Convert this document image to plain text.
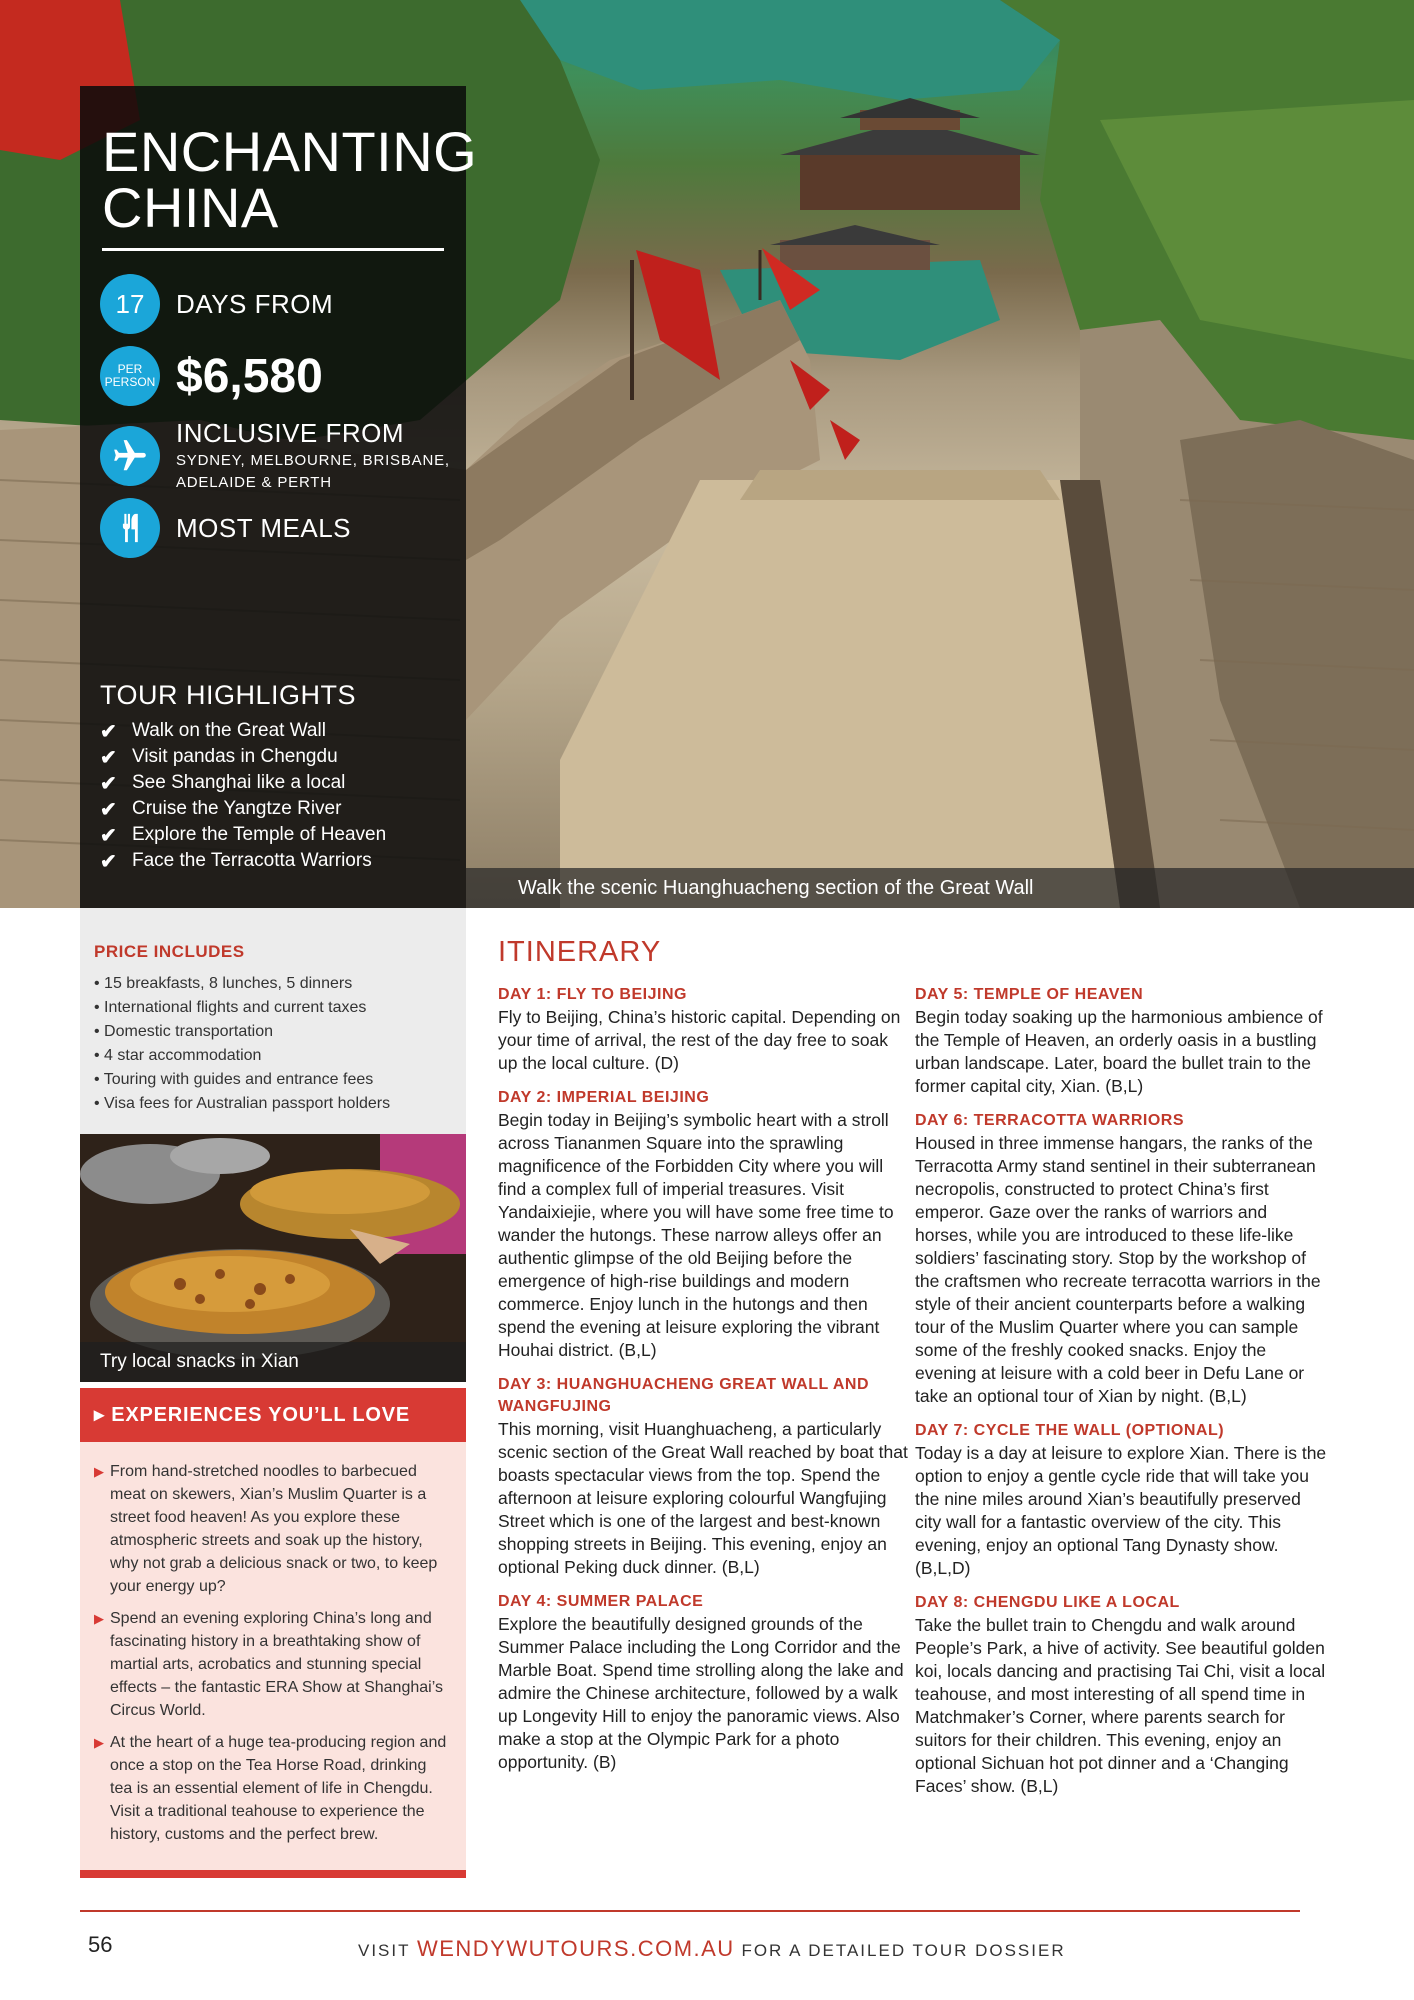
Walk the scenic Huanghuacheng section of the Great Wall
ENCHANTING CHINA
17 DAYS FROM
PER PERSON $6,580
INCLUSIVE FROM
SYDNEY, MELBOURNE, BRISBANE,
ADELAIDE & PERTH
MOST MEALS
TOUR HIGHLIGHTS
✔ Walk on the Great Wall
✔ Visit pandas in Chengdu
✔ See Shanghai like a local
✔ Cruise the Yangtze River
✔ Explore the Temple of Heaven
✔ Face the Terracotta Warriors
PRICE INCLUDES
• 15 breakfasts, 8 lunches, 5 dinners
• International flights and current taxes
• Domestic transportation
• 4 star accommodation
• Touring with guides and entrance fees
• Visa fees for Australian passport holders
Try local snacks in Xian
▸ EXPERIENCES YOU’LL LOVE

▶ From hand-stretched noodles to barbecued meat on skewers, Xian’s Muslim Quarter is a street food heaven! As you explore these atmospheric streets and soak up the history, why not grab a delicious snack or two, to keep your energy up?

▶ Spend an evening exploring China’s long and fascinating history in a breathtaking show of martial arts, acrobatics and stunning special effects – the fantastic ERA Show at Shanghai’s Circus World.

▶ At the heart of a huge tea-producing region and once a stop on the Tea Horse Road, drinking tea is an essential element of life in Chengdu. Visit a traditional teahouse to experience the history, customs and the perfect brew.

ITINERARY
DAY 1: FLY TO BEIJING

Fly to Beijing, China’s historic capital. Depending on your time of arrival, the rest of the day free to soak up the local culture. (D)

DAY 2: IMPERIAL BEIJING

Begin today in Beijing’s symbolic heart with a stroll across Tiananmen Square into the sprawling magnificence of the Forbidden City where you will find a complex full of imperial treasures. Visit Yandaixiejie, where you will have some free time to wander the hutongs. These narrow alleys offer an authentic glimpse of the old Beijing before the emergence of high-rise buildings and modern commerce. Enjoy lunch in the hutongs and then spend the evening at leisure exploring the vibrant Houhai district. (B,L)

DAY 3: HUANGHUACHENG GREAT WALL AND WANGFUJING

This morning, visit Huanghuacheng, a particularly scenic section of the Great Wall reached by boat that boasts spectacular views from the top. Spend the afternoon at leisure exploring colourful Wangfujing Street which is one of the largest and best-known shopping streets in Beijing. This evening, enjoy an optional Peking duck dinner. (B,L)

DAY 4: SUMMER PALACE

Explore the beautifully designed grounds of the Summer Palace including the Long Corridor and the Marble Boat. Spend time strolling along the lake and admire the Chinese architecture, followed by a walk up Longevity Hill to enjoy the panoramic views. Also make a stop at the Olympic Park for a photo opportunity. (B)

DAY 5: TEMPLE OF HEAVEN

Begin today soaking up the harmonious ambience of the Temple of Heaven, an orderly oasis in a bustling urban landscape. Later, board the bullet train to the former capital city, Xian. (B,L)

DAY 6: TERRACOTTA WARRIORS

Housed in three immense hangars, the ranks of the Terracotta Army stand sentinel in their subterranean necropolis, constructed to protect China’s first emperor. Gaze over the ranks of warriors and horses, while you are introduced to these life-like soldiers’ fascinating story. Stop by the workshop of the craftsmen who recreate terracotta warriors in the style of their ancient counterparts before a walking tour of the Muslim Quarter where you can sample some of the freshly cooked snacks. Enjoy the evening at leisure with a cold beer in Defu Lane or take an optional tour of Xian by night. (B,L)

DAY 7: CYCLE THE WALL (OPTIONAL)

Today is a day at leisure to explore Xian. There is the option to enjoy a gentle cycle ride that will take you the nine miles around Xian’s beautifully preserved city wall for a fantastic overview of the city. This evening, enjoy an optional Tang Dynasty show. (B,L,D)

DAY 8: CHENGDU LIKE A LOCAL

Take the bullet train to Chengdu and walk around People’s Park, a hive of activity. See beautiful golden koi, locals dancing and practising Tai Chi, visit a local teahouse, and most interesting of all spend time in Matchmaker’s Corner, where parents search for suitors for their children. This evening, enjoy an optional Sichuan hot pot dinner and a ‘Changing Faces’ show. (B,L)

56	VISIT WENDYWUTOURS.COM.AU FOR A DETAILED TOUR DOSSIER
